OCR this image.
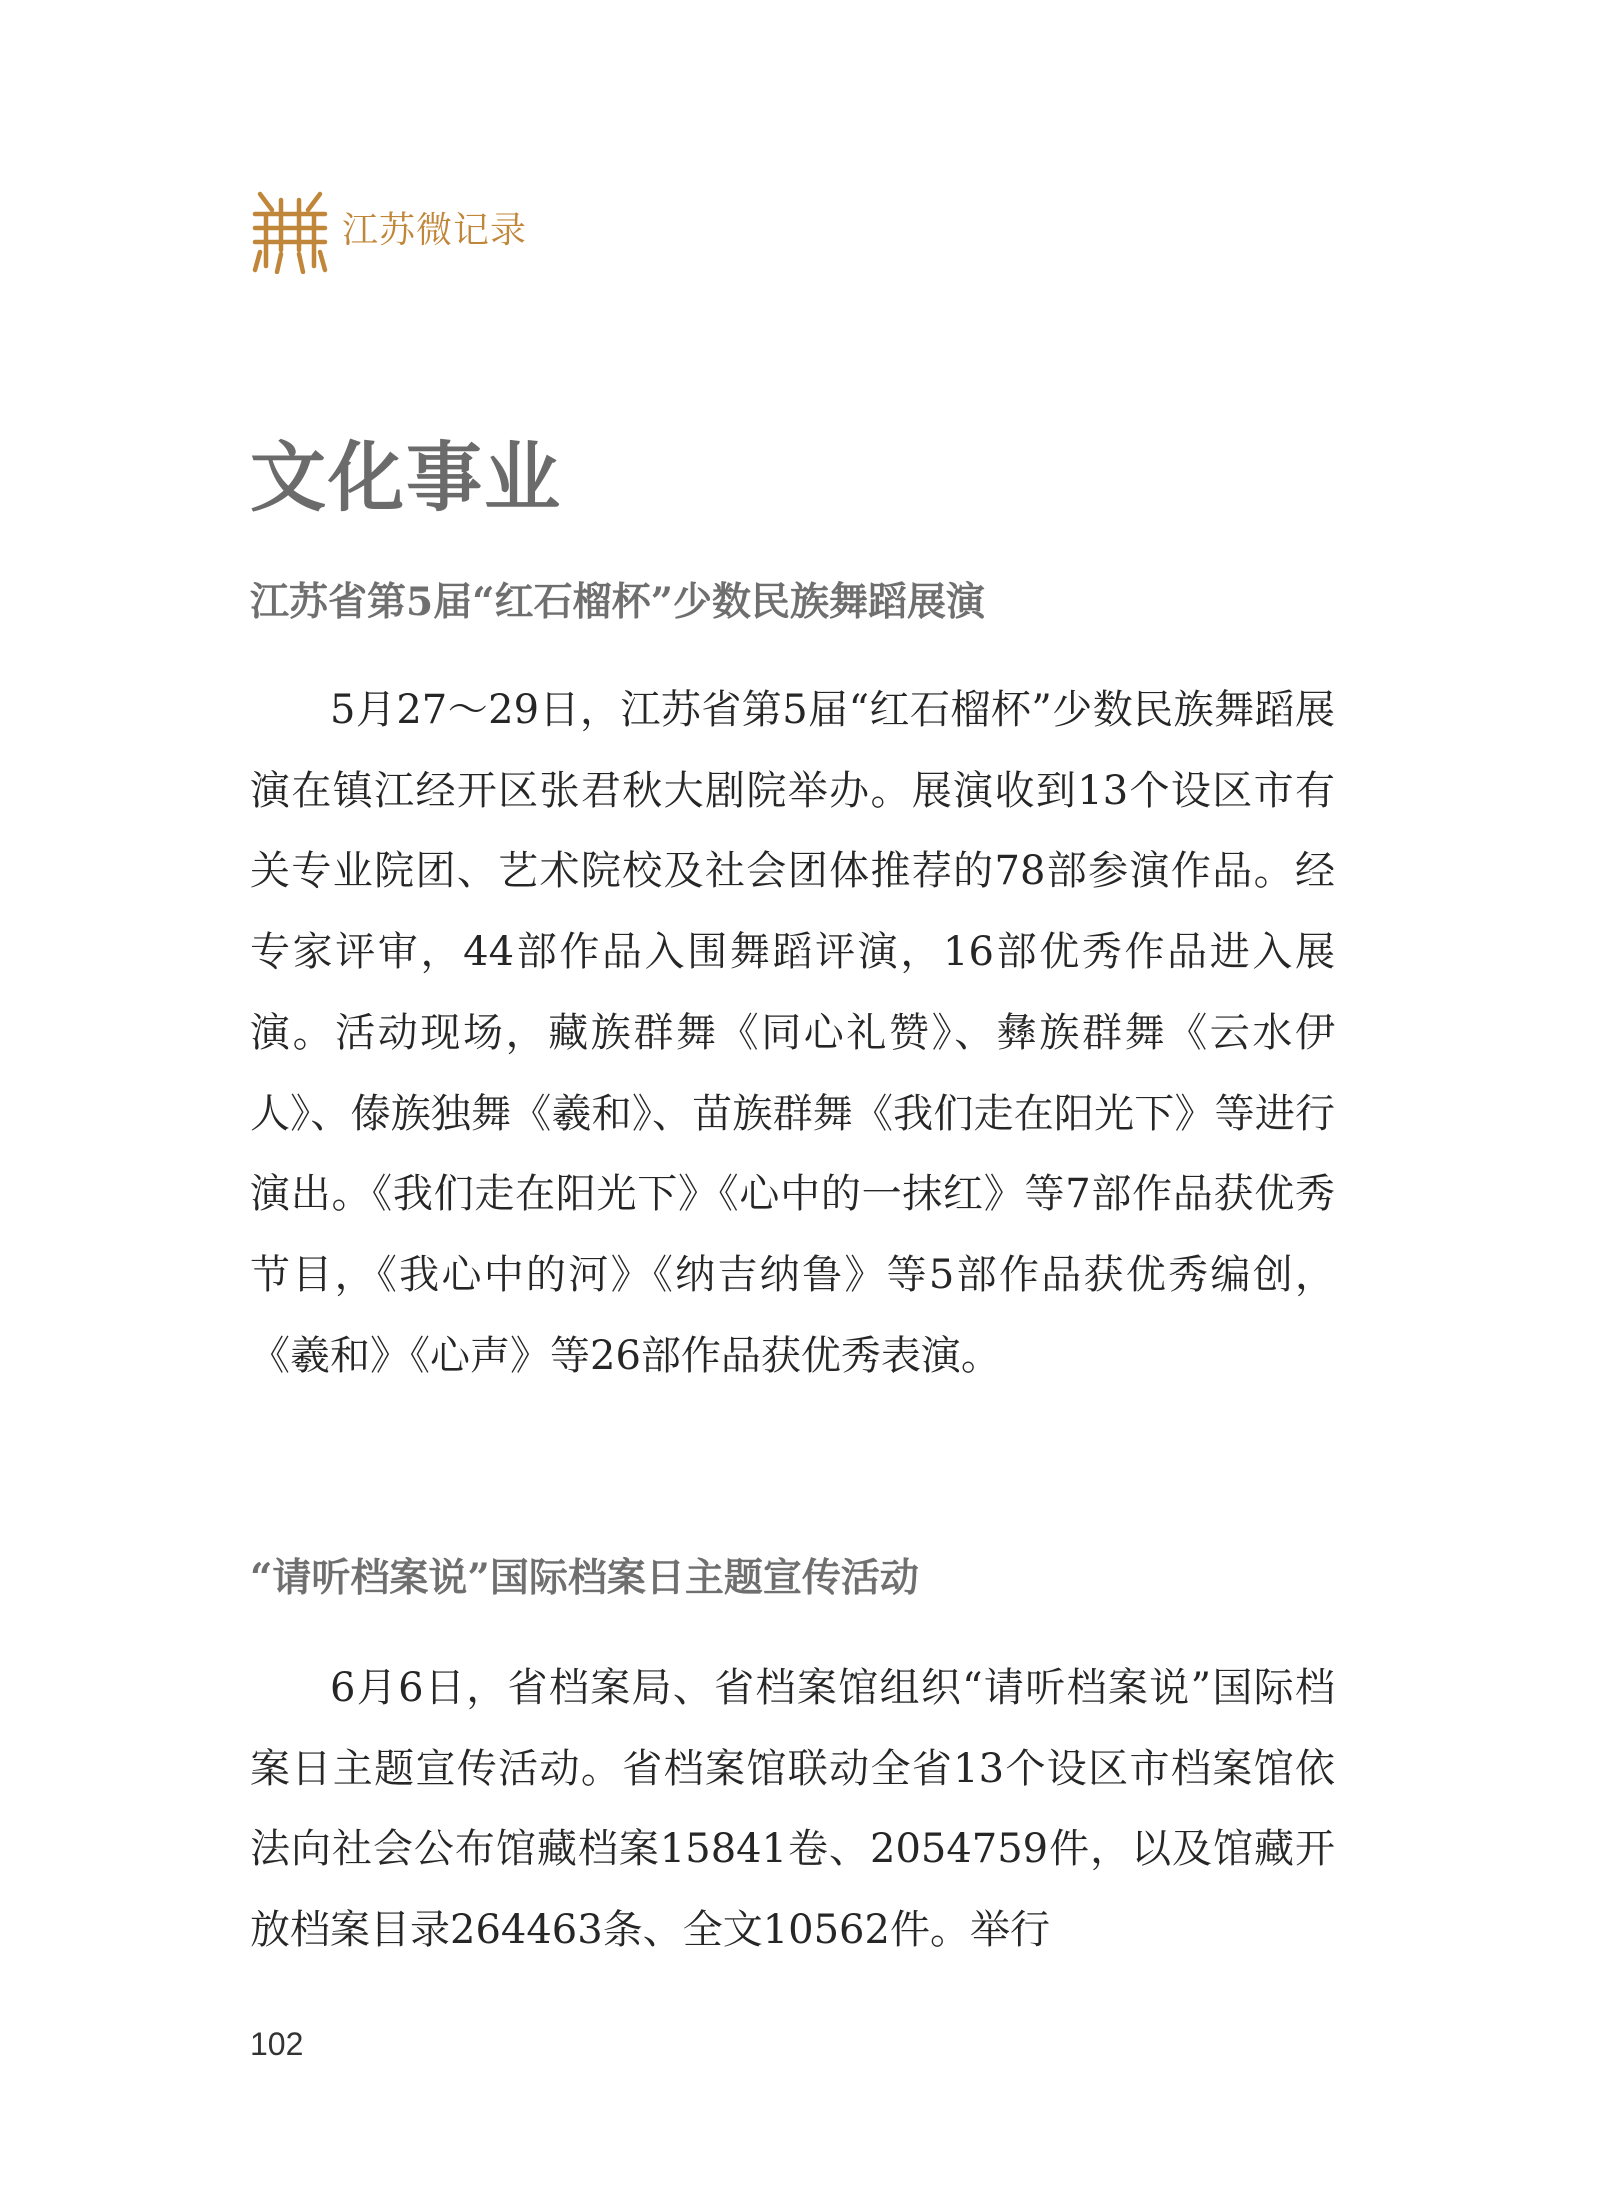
江苏微记录
文化事业
江苏省第5届“红石榴杯”少数民族舞蹈展演

5月27～29日，江苏省第5届“红石榴杯”少数民族舞蹈展演在镇江经开区张君秋大剧院举办。展演收到13个设区市有关专业院团、艺术院校及社会团体推荐的78部参演作品。经专家评审，44部作品入围舞蹈评演，16部优秀作品进入展演。活动现场，藏族群舞《同心礼赞》、彝族群舞《云水伊人》、傣族独舞《羲和》、苗族群舞《我们走在阳光下》等进行演出。《我们走在阳光下》《心中的一抹红》等7部作品获优秀节目，《我心中的河》《纳吉纳鲁》等5部作品获优秀编创，《羲和》《心声》等26部作品获优秀表演。

“请听档案说”国际档案日主题宣传活动

6月6日，省档案局、省档案馆组织“请听档案说”国际档案日主题宣传活动。省档案馆联动全省13个设区市档案馆依法向社会公布馆藏档案15841卷、2054759件，以及馆藏开放档案目录264463条、全文10562件。举行

102
